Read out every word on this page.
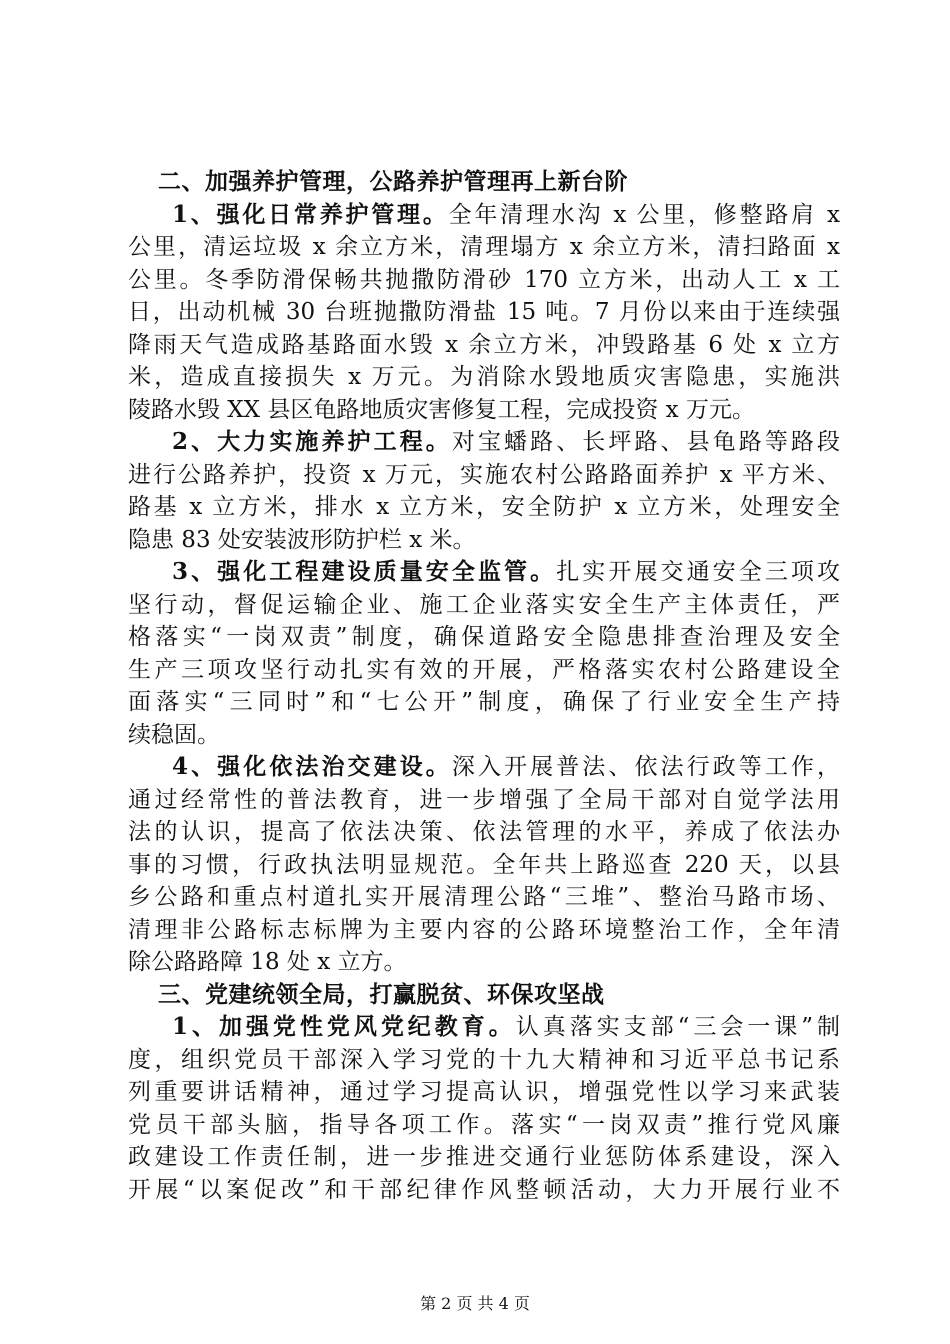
二、加强养护管理，公路养护管理再上新台阶
1、强化日常养护管理。全年清理水沟 x 公里，修整路肩 x
公里，清运垃圾 x 余立方米，清理塌方 x 余立方米，清扫路面 x
公里。冬季防滑保畅共抛撒防滑砂 170 立方米，出动人工 x 工
日，出动机械 30 台班抛撒防滑盐 15 吨。7 月份以来由于连续强
降雨天气造成路基路面水毁 x 余立方米，冲毁路基 6 处 x 立方
米，造成直接损失 x 万元。为消除水毁地质灾害隐患，实施洪
陵路水毁 XX 县区龟路地质灾害修复工程，完成投资 x 万元。
2、大力实施养护工程。对宝蟠路、长坪路、县龟路等路段
进行公路养护，投资 x 万元，实施农村公路路面养护 x 平方米、
路基 x 立方米，排水 x 立方米，安全防护 x 立方米，处理安全
隐患 83 处安装波形防护栏 x 米。
3、强化工程建设质量安全监管。扎实开展交通安全三项攻
坚行动，督促运输企业、施工企业落实安全生产主体责任，严
格落实“一岗双责”制度，确保道路安全隐患排查治理及安全
生产三项攻坚行动扎实有效的开展，严格落实农村公路建设全
面落实“三同时”和“七公开”制度，确保了行业安全生产持
续稳固。
4、强化依法治交建设。深入开展普法、依法行政等工作，
通过经常性的普法教育，进一步增强了全局干部对自觉学法用
法的认识，提高了依法决策、依法管理的水平，养成了依法办
事的习惯，行政执法明显规范。全年共上路巡查 220 天，以县
乡公路和重点村道扎实开展清理公路“三堆”、整治马路市场、
清理非公路标志标牌为主要内容的公路环境整治工作，全年清
除公路路障 18 处 x 立方。
三、党建统领全局，打赢脱贫、环保攻坚战
1、加强党性党风党纪教育。认真落实支部“三会一课”制
度，组织党员干部深入学习党的十九大精神和习近平总书记系
列重要讲话精神，通过学习提高认识，增强党性以学习来武装
党员干部头脑，指导各项工作。落实“一岗双责”推行党风廉
政建设工作责任制，进一步推进交通行业惩防体系建设，深入
开展“以案促改”和干部纪律作风整顿活动，大力开展行业不
第 2 页 共 4 页
